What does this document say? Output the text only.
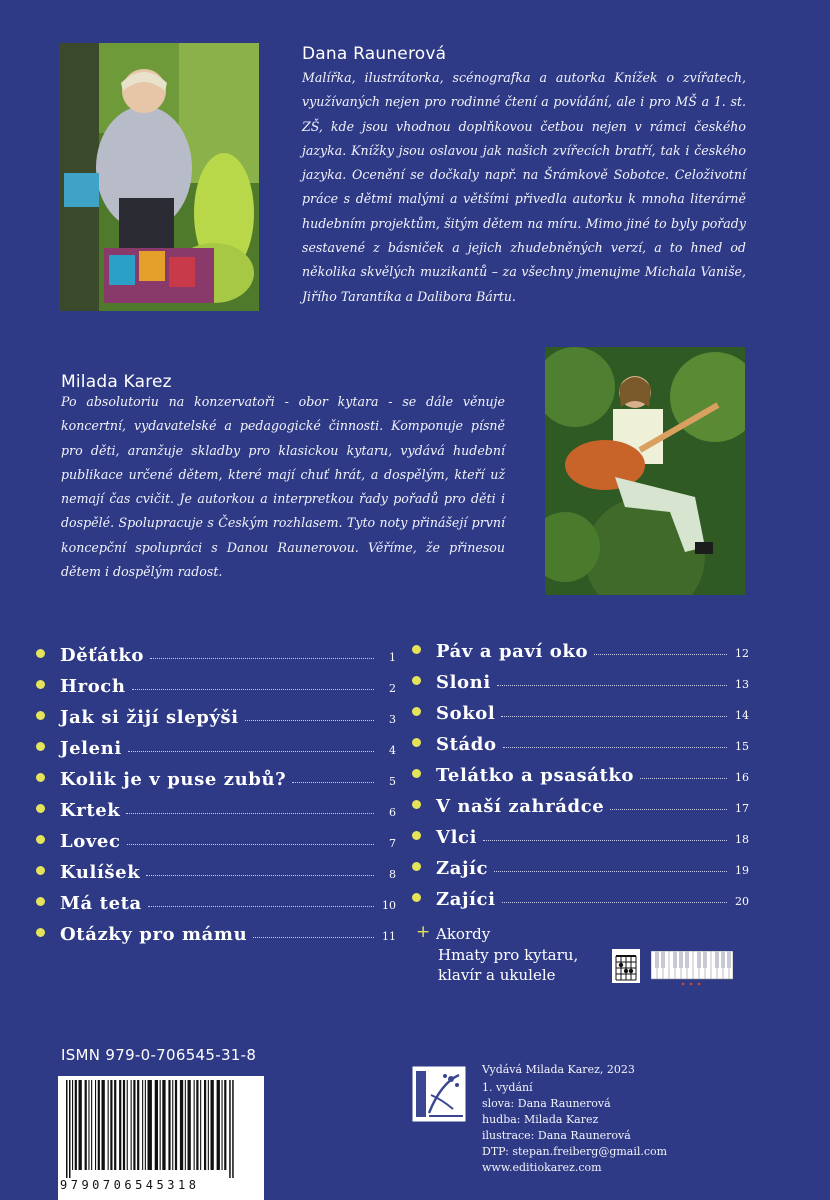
Dana Raunerová

Malířka, ilustrátorka, scénografka a autorka Knížek o zvířatech, využívaných nejen pro rodinné čtení a povídání, ale i pro MŠ a 1. st. ZŠ, kde jsou vhodnou doplňkovou četbou nejen v rámci českého jazyka. Knížky jsou oslavou jak našich zvířecích bratří, tak i českého jazyka. Ocenění se dočkaly např. na Šrámkově Sobotce. Celoživotní práce s dětmi malými a většími přivedla autorku k mnoha literárně hudebním projektům, šitým dětem na míru. Mimo jiné to byly pořady sestavené z básniček a jejich zhudebněných verzí, a to hned od několika skvělých muzikantů – za všechny jmenujme Michala Vaniše, Jiřího Tarantíka a Dalibora Bártu.

Milada Karez

Po absolutoriu na konzervatoři - obor kytara - se dále věnuje koncertní, vydavatelské a pedagogické činnosti. Komponuje písně pro děti, aranžuje skladby pro klasickou kytaru, vydává hudební publikace určené dětem, které mají chuť hrát, a dospělým, kteří už nemají čas cvičit. Je autorkou a interpretkou řady pořadů pro děti i dospělé. Spolupracuje s Českým rozhlasem. Tyto noty přinášejí první koncepční spolupráci s Danou Raunerovou. Věříme, že přinesou dětem i dospělým radost.

Děťátko	1
Hroch	2
Jak si žijí slepýši	3
Jeleni	4
Kolik je v puse zubů?	5
Krtek	6
Lovec	7
Kulíšek	8
Má teta	10
Otázky pro mámu	11
Páv a paví oko	12
Sloni	13
Sokol	14
Stádo	15
Telátko a psasátko	16
V naší zahrádce	17
Vlci	18
Zajíc	19
Zajíci	20
+ Akordy
Hmaty pro kytaru,
klavír a ukulele
ISMN 979-0-706545-31-8
9790706545318

Vydává Milada Karez, 2023

1. vydání

slova: Dana Raunerová

hudba: Milada Karez

ilustrace: Dana Raunerová

DTP: stepan.freiberg@gmail.com

www.editiokarez.com
